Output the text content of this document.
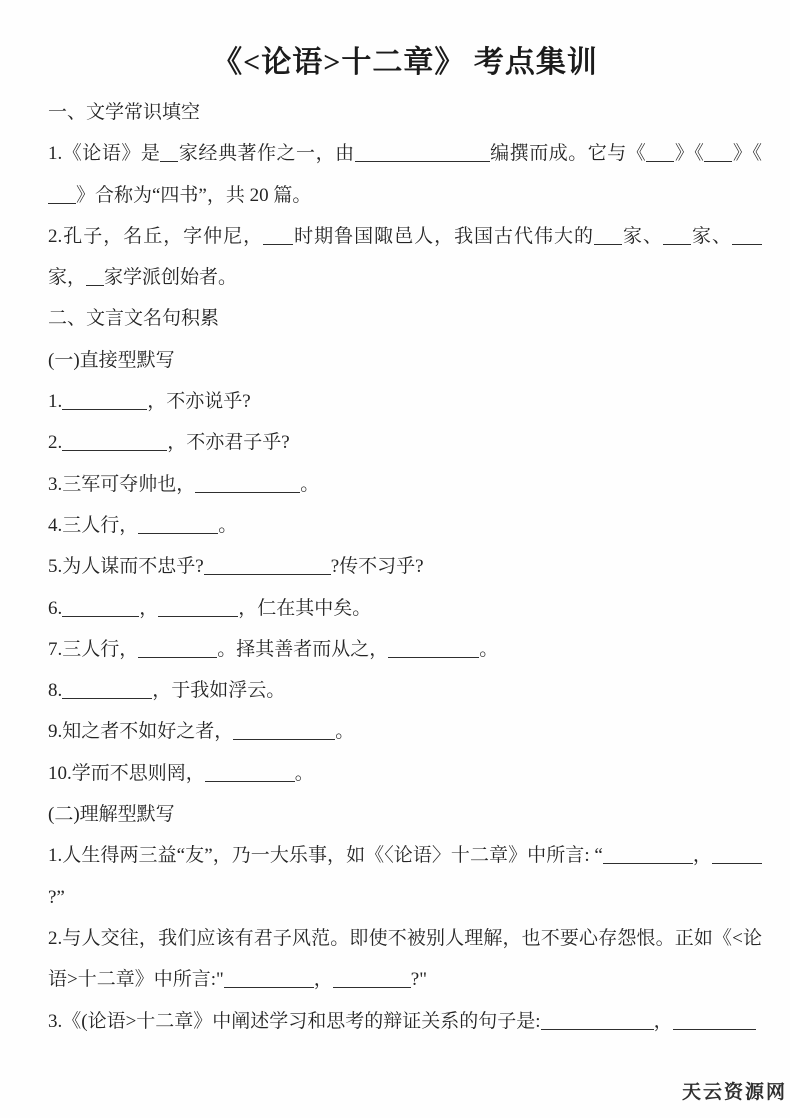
《<论语>十二章》 考点集训

一、文学常识填空

1.《论语》是 家经典著作之一，由	编撰而成。它与《 》《 》《》合称为“四书”，共 20 篇。

2.孔子，名丘，字仲尼， 时期鲁国陬邑人，我国古代伟大的 家、 家、家， 家学派创始者。

二、文言文名句积累

(一)直接型默写

1.	，不亦说乎?

2.	，不亦君子乎?

3.三军可夺帅也，	。

4.三人行，	。

5.为人谋而不忠乎?	?传不习乎?

6.	，	，仁在其中矣。

7.三人行，	。择其善者而从之，	。

8.	，于我如浮云。

9.知之者不如好之者，	。

10.学而不思则罔，	。

(二)理解型默写

1.人生得两三益“友”，乃一大乐事，如《〈论语〉十二章》中所言: “	，?”

2.与人交往，我们应该有君子风范。即使不被别人理解，也不要心存怨恨。正如《<论语>十二章》中所言:"	，	?"

3.《(论语>十二章》中阐述学习和思考的辩证关系的句子是:	，

天云资源网
